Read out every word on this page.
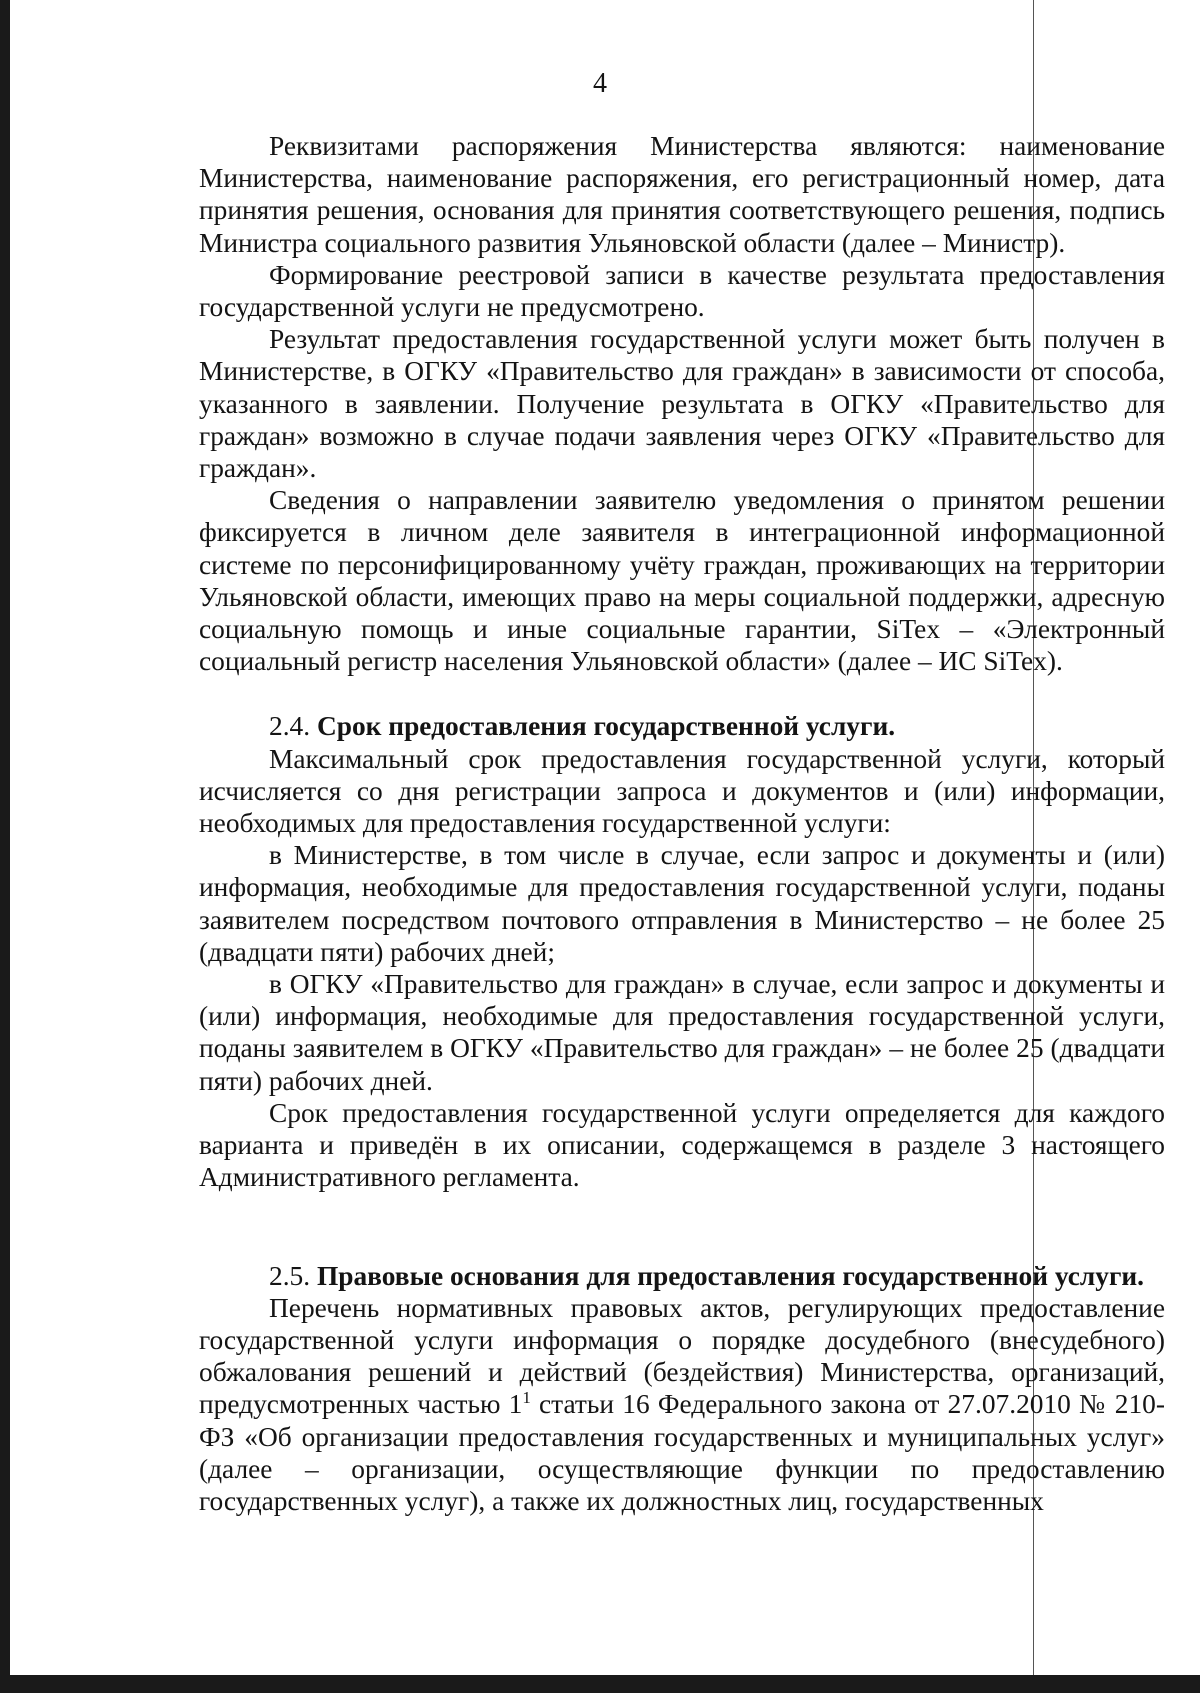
4

Реквизитами распоряжения Министерства являются: наименование Министерства, наименование распоряжения, его регистрационный номер, дата принятия решения, основания для принятия соответствующего решения, подпись Министра социального развития Ульяновской области (далее – Министр).

Формирование реестровой записи в качестве результата предоставления государственной услуги не предусмотрено.

Результат предоставления государственной услуги может быть получен в Министерстве, в ОГКУ «Правительство для граждан» в зависимости от способа, указанного в заявлении. Получение результата в ОГКУ «Правительство для граждан» возможно в случае подачи заявления через ОГКУ «Правительство для граждан».

Сведения о направлении заявителю уведомления о принятом решении фиксируется в личном деле заявителя в интеграционной информационной системе по персонифицированному учёту граждан, проживающих на территории Ульяновской области, имеющих право на меры социальной поддержки, адресную социальную помощь и иные социальные гарантии, SiTex – «Электронный социальный регистр населения Ульяновской области» (далее – ИС SiTex).

2.4. Срок предоставления государственной услуги.

Максимальный срок предоставления государственной услуги, который исчисляется со дня регистрации запроса и документов и (или) информации, необходимых для предоставления государственной услуги:

в Министерстве, в том числе в случае, если запрос и документы и (или) информация, необходимые для предоставления государственной услуги, поданы заявителем посредством почтового отправления в Министерство – не более 25 (двадцати пяти) рабочих дней;

в ОГКУ «Правительство для граждан» в случае, если запрос и документы и (или) информация, необходимые для предоставления государственной услуги, поданы заявителем в ОГКУ «Правительство для граждан» – не более 25 (двадцати пяти) рабочих дней.

Срок предоставления государственной услуги определяется для каждого варианта и приведён в их описании, содержащемся в разделе 3 настоящего Административного регламента.

2.5. Правовые основания для предоставления государственной услуги.

Перечень нормативных правовых актов, регулирующих предоставление государственной услуги информация о порядке досудебного (внесудебного) обжалования решений и действий (бездействия) Министерства, организаций, предусмотренных частью $1^1$ статьи 16 Федерального закона от 27.07.2010 № 210-ФЗ «Об организации предоставления государственных и муниципальных услуг» (далее – организации, осуществляющие функции по предоставлению государственных услуг), а также их должностных лиц, государственных
